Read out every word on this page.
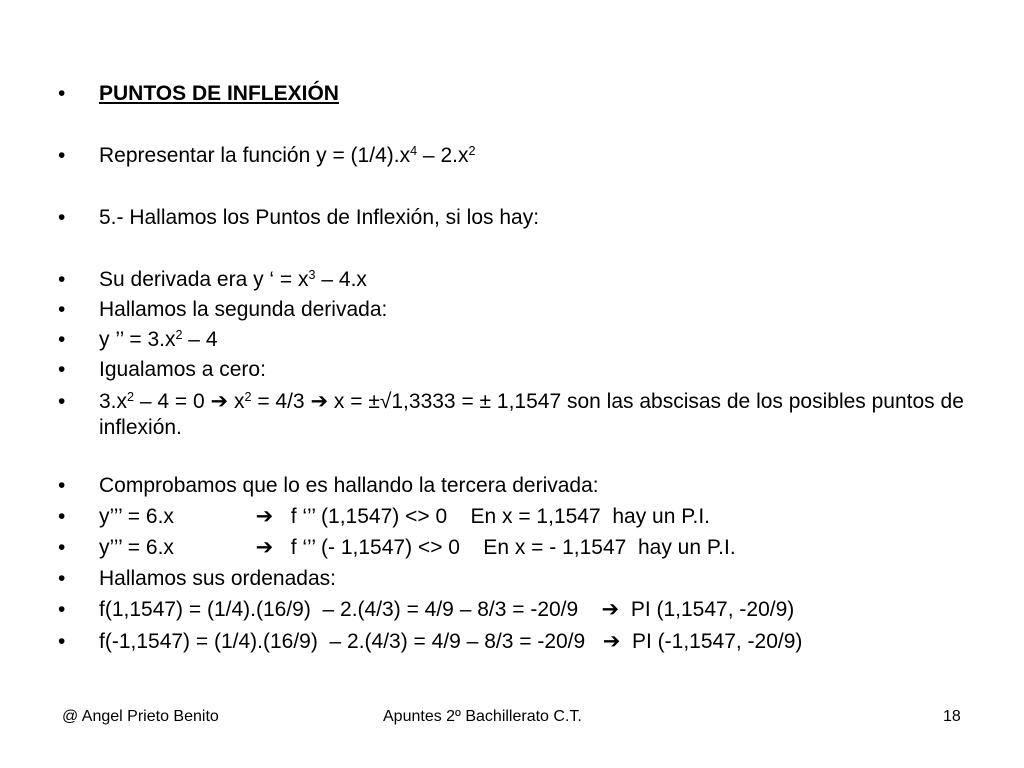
• PUNTOS DE INFLEXIÓN
• Representar la función $y = (1/4).x^4 - 2.x^2$
• 5.- Hallamos los Puntos de Inflexión, si los hay:
• Su derivada era y ‘ = $x^3 - 4.x$
• Hallamos la segunda derivada:
• y ’’ = $3.x^2 - 4$
• Igualamos a cero:
• $3.x^2 - 4 = 0$ ➔ $x^2 = 4/3$ ➔ x = ±√1,3333 = ± 1,1547 son las abscisas de los posibles puntos de inflexión.
• Comprobamos que lo es hallando la tercera derivada:
• y’’’ = 6.x              ➔   f ‘’’ (1,1547) <> 0    En x = 1,1547  hay un P.I.
• y’’’ = 6.x              ➔   f ‘’’ (- 1,1547) <> 0    En x = - 1,1547  hay un P.I.
• Hallamos sus ordenadas:
• f(1,1547) = (1/4).(16/9)  – 2.(4/3) = 4/9 – 8/3 = -20/9    ➔  PI (1,1547, -20/9)
• f(-1,1547) = (1/4).(16/9)  – 2.(4/3) = 4/9 – 8/3 = -20/9   ➔  PI (-1,1547, -20/9)
@ Angel Prieto Benito	Apuntes 2º Bachillerato C.T.	18
